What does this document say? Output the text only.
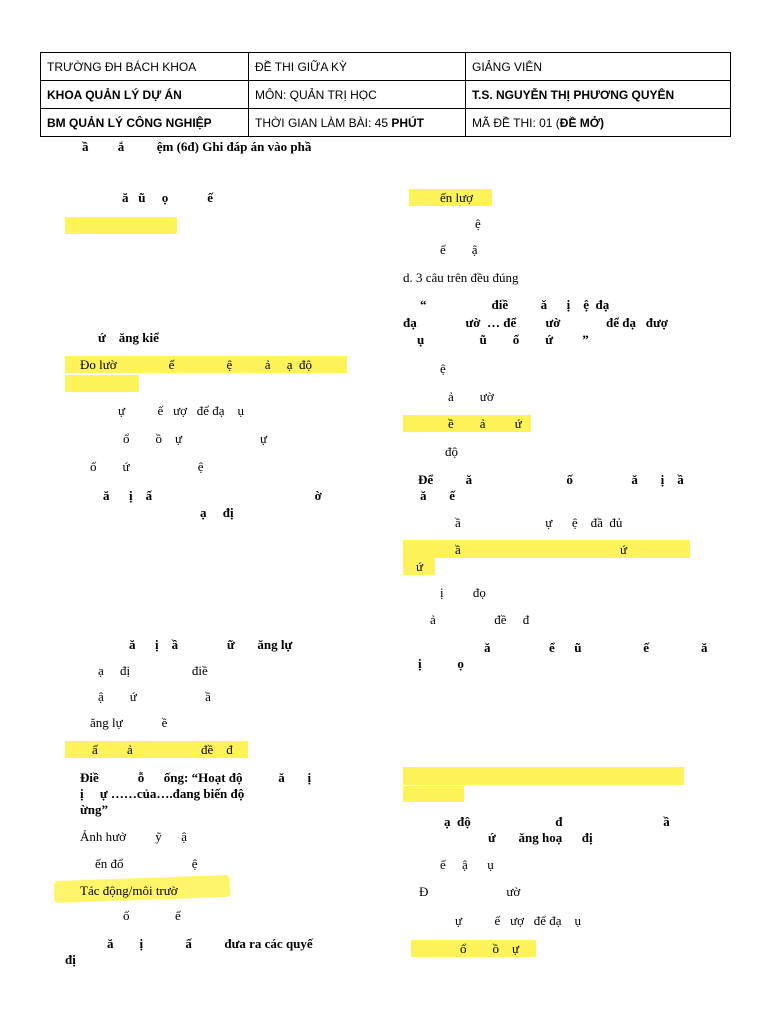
TRƯỜNG ĐH BÁCH KHOA	ĐỀ THI GIỮA KỲ	GIẢNG VIÊN
KHOA QUẢN LÝ DỰ ÁN	MÔN: QUẢN TRỊ HỌC	T.S. NGUYỄN THỊ PHƯƠNG QUYÊN
BM QUẢN LÝ CÔNG NGHIỆP	THỜI GIAN LÀM BÀI: 45 PHÚT	MÃ ĐỀ THI: 01 (ĐỀ MỞ)
ầ         ắ          ệm (6đ) Ghi đáp án vào phầ
ă   ũ     ọ            ế
ứ    ăng kiể
Đo lườ                ế                ệ          ả     ạ  độ
ự          ế   ượ   để đạ    ụ
ổ        ồ    ự                        ự
ố        ứ                     ệ
ă      ị    ấ                                                  ờ
ạ     đị
ă      ị    ầ               ữ       ăng lự
ạ     đị                   điề
ậ        ứ                     ầ
ăng lự            ề
ấ         ả                     đề    đ
Điề            ỗ      ống: “Hoạt độ           ă       ị
ị     ự ……của….đang biến độ
ừng”
Ảnh hưở         ỹ      ậ
ến đổ                     ệ
Tác động/môi trườ
ố              ế
ă        ị             ấ          đưa ra các quyế
đị
ến lượ
ệ
ế        ậ
d. 3 câu trên đều đúng
“                    điề          ă      ị    ệ  đạ
đạ               ườ  … để         ườ              để đạ   đượ
ụ                 ũ        ổ        ứ         ”
ệ
ả        ườ
ề        ả         ứ
độ
Để          ă                             ố                  ă       ị    ầ
ă       ế
ầ                          ự      ệ    đầ  đủ
ầ                                                 ứ
ứ
ị         đọ
ả                  đề     đ
ă                  ể      ũ                   ế                ă
ị           ọ
ạ  độ                          đ                               ầ
ứ       ăng hoạ      đị
ế     ậ      ụ
Đ                        ườ
ự          ế   ượ   để đạ    ụ
ổ        ồ    ự
